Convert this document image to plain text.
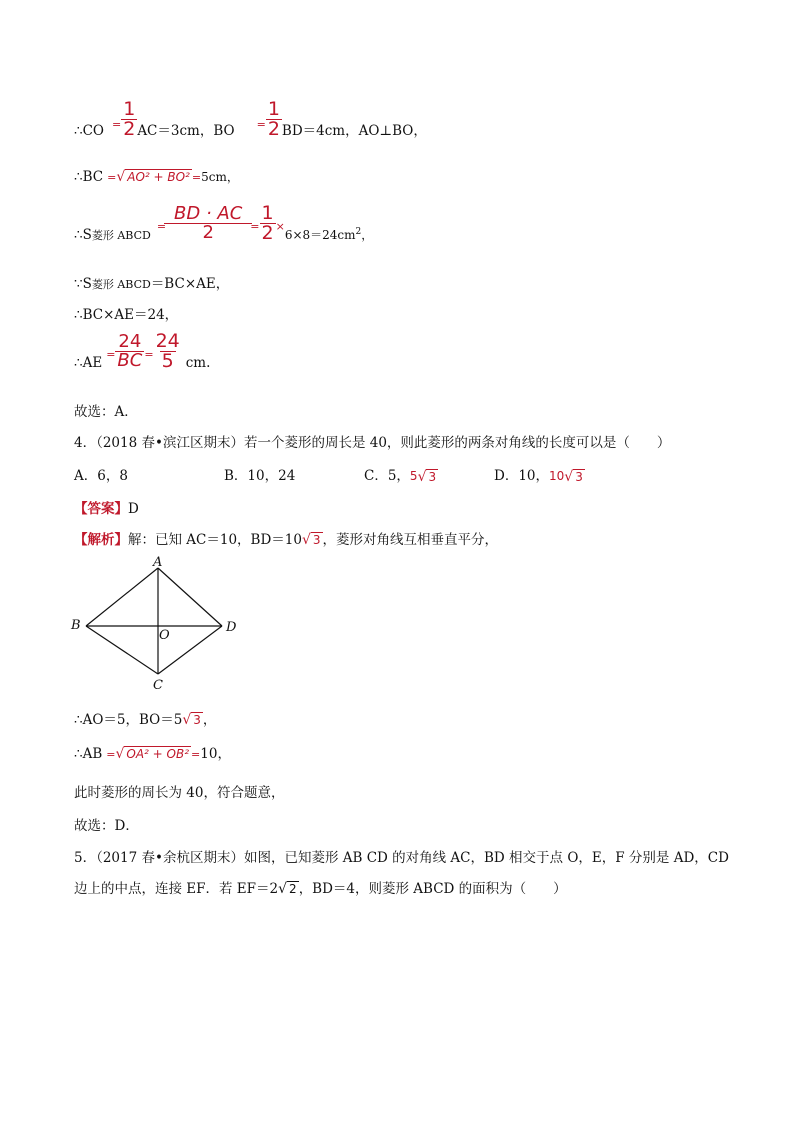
∴CO = $\frac{1}{2} AC=3cm$，BO = $\frac{1}{2} BD=4cm$，AO⊥BO，
∴BC = √ AO² + BO² = 5cm，
∴S菱形 ABCD
= $\frac{BD \cdot AC}{2} = \frac{1}{2}$ ×
$6\times 8=24cm^2$，
∵S 菱形 ABCD ＝BC×AE，
∴BC×AE＝24，
∴AE
= $\frac{24}{BC} = \frac{24}{5}$ cm.
故选：A．
4．（2018 春•滨江区期末）若一个菱形的周长是 40，则此菱形的两条对角线的长度可以是（　　）
A．6，8	B．10，24	C．5， 5 √ 3	D．10， 10 √ 3
【答案】 D
【解析】 解：已知 AC＝10，BD＝10 √ 3 ，菱形对角线互相垂直平分，
A
B	D
C
O
∴AO＝5，BO＝5 √ 3 ，
∴AB = √ OA² + OB² = 10，
此时菱形的周长为 40，符合题意，
故选：D．
5．（2017 春•余杭区期末）如图，已知菱形 AB CD 的对角线 AC，BD 相交于点 O，E，F 分别是 AD，CD
边上的中点，连接 EF．若 EF＝2 √ 2 ，BD＝4，则菱形 ABCD 的面积为（　　）
